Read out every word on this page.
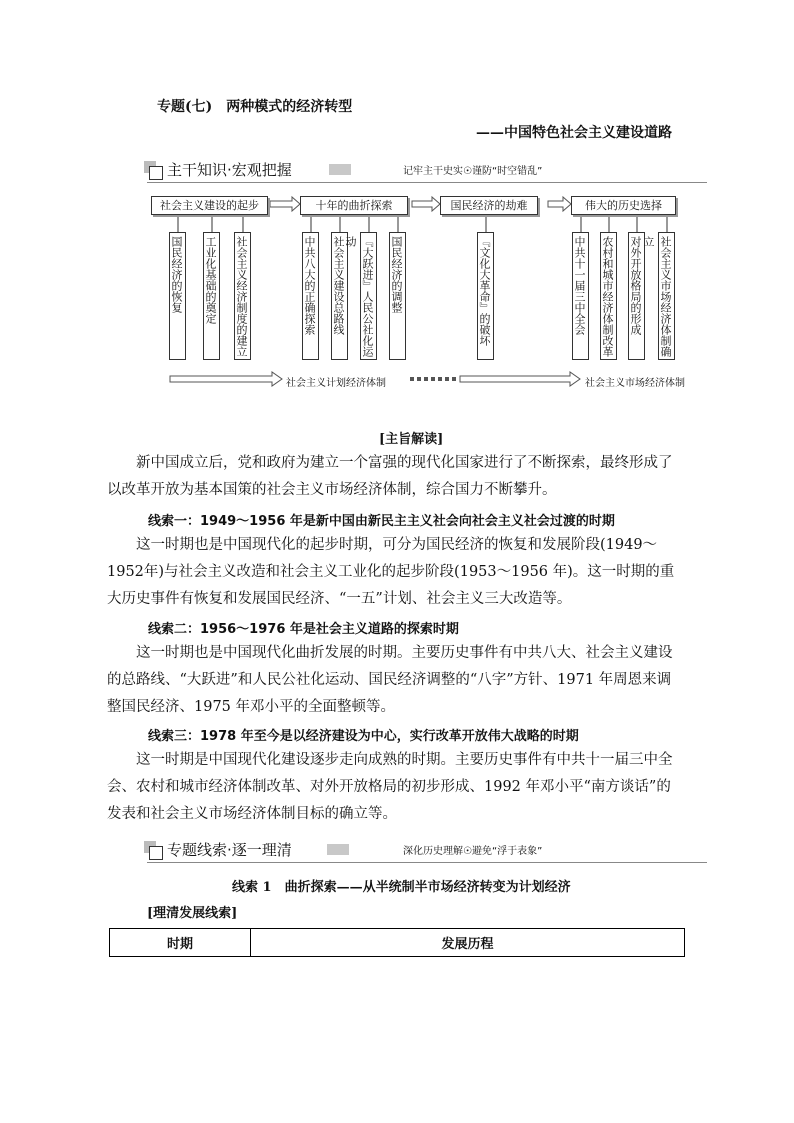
专题(七)　两种模式的经济转型
——中国特色社会主义建设道路
主干知识·宏观把握	记牢主干史实☉谨防“时空错乱”
社会主义建设的起步	十年的曲折探索	国民经济的劫难	伟大的历史选择
国民经济的恢复 工业化基础的奠定 社会主义经济制度的建立	中共八大的正确探索 社会主义建设总路线 『大跃进』人民公社化运动	国民经济的调整	『文化大革命』的破坏	中共十一届三中全会 农村和城市经济体制改革 对外开放格局的形成 社会主义市场经济体制确立
社会主义计划经济体制	社会主义市场经济体制
[主旨解读]
新中国成立后，党和政府为建立一个富强的现代化国家进行了不断探索，最终形成了以改革开放为基本国策的社会主义市场经济体制，综合国力不断攀升。
线索一：1949～1956 年是新中国由新民主主义社会向社会主义社会过渡的时期
这一时期也是中国现代化的起步时期，可分为国民经济的恢复和发展阶段(1949～1952年)与社会主义改造和社会主义工业化的起步阶段(1953～1956 年)。这一时期的重大历史事件有恢复和发展国民经济、“一五”计划、社会主义三大改造等。
线索二：1956～1976 年是社会主义道路的探索时期
这一时期也是中国现代化曲折发展的时期。主要历史事件有中共八大、社会主义建设的总路线、“大跃进”和人民公社化运动、国民经济调整的“八字”方针、1971 年周恩来调整国民经济、1975 年邓小平的全面整顿等。
线索三：1978 年至今是以经济建设为中心，实行改革开放伟大战略的时期
这一时期是中国现代化建设逐步走向成熟的时期。主要历史事件有中共十一届三中全会、农村和城市经济体制改革、对外开放格局的初步形成、1992 年邓小平“南方谈话”的发表和社会主义市场经济体制目标的确立等。
专题线索·逐一理清	深化历史理解☉避免“浮于表象”
线索 1　曲折探索——从半统制半市场经济转变为计划经济
[理清发展线索]
时期	发展历程
